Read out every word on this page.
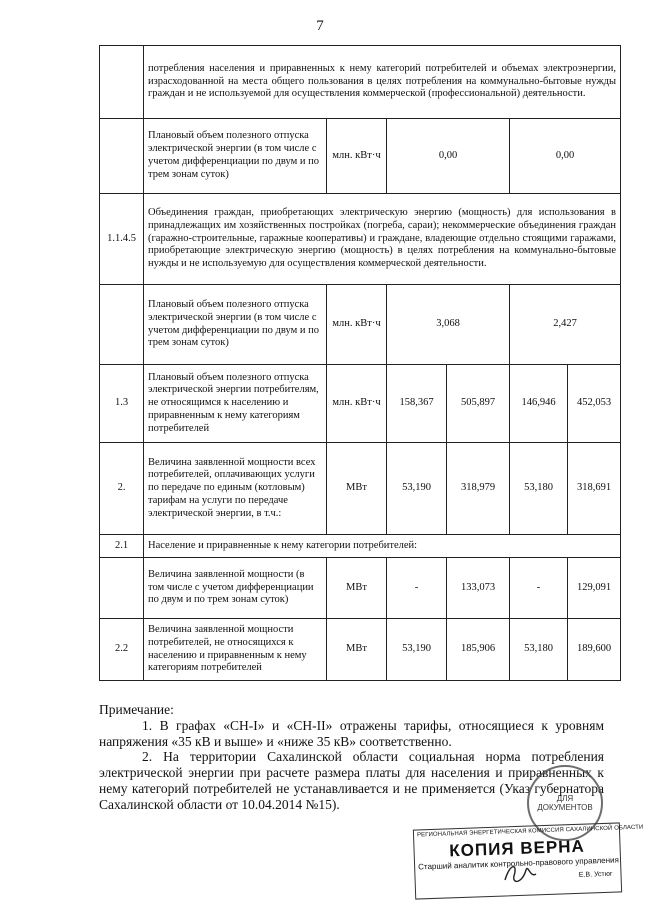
7
	потребления населения и приравненных к нему категорий потребителей и объемах электроэнергии, израсходованной на места общего пользования в целях потребления на коммунально-бытовые нужды граждан и не используемой для осуществления коммерческой (профессиональной) деятельности.					
	Плановый объем полезного отпуска электрической энергии (в том числе с учетом дифференциации по двум и по трем зонам суток)	млн. кВт·ч	0,00		0,00	
1.1.4.5	Объединения граждан, приобретающих электрическую энергию (мощность) для использования в принадлежащих им хозяйственных постройках (погреба, сараи); некоммерческие объединения граждан (гаражно-строительные, гаражные кооперативы) и граждане, владеющие отдельно стоящими гаражами, приобретающие электрическую энергию (мощность) в целях потребления на коммунально-бытовые нужды и не используемую для осуществления коммерческой деятельности.					
	Плановый объем полезного отпуска электрической энергии (в том числе с учетом дифференциации по двум и по трем зонам суток)	млн. кВт·ч	3,068		2,427	
1.3	Плановый объем полезного отпуска электрической энергии потребителям, не относящимся к населению и приравненным к нему категориям потребителей	млн. кВт·ч	158,367	505,897	146,946	452,053
2.	Величина заявленной мощности всех потребителей, оплачивающих услуги по передаче по единым (котловым) тарифам на услуги по передаче электрической энергии, в т.ч.:	МВт	53,190	318,979	53,180	318,691
2.1	Население и приравненные к нему категории потребителей:					
	Величина заявленной мощности (в том числе с учетом дифференциации по двум и по трем зонам суток)	МВт	-	133,073	-	129,091
2.2	Величина заявленной мощности потребителей, не относящихся к населению и приравненным к нему категориям потребителей	МВт	53,190	185,906	53,180	189,600

Примечание:

1. В графах «СН-I» и «СН-II» отражены тарифы, относящиеся к уровням напряжения «35 кВ и выше» и «ниже 35 кВ» соответственно.

2. На территории Сахалинской области социальная норма потребления электрической энергии при расчете размера платы для населения и приравненных к нему категорий потребителей не устанавливается и не применяется (Указ губернатора Сахалинской области от 10.04.2014 №15).	ДЛЯ ДОКУМЕНТОВ
РЕГИОНАЛЬНАЯ ЭНЕРГЕТИЧЕСКАЯ КОМИССИЯ САХАЛИНСКОЙ ОБЛАСТИ
КОПИЯ ВЕРНА
Старший аналитик контрольно-правового управления
Е.В. Устюг
